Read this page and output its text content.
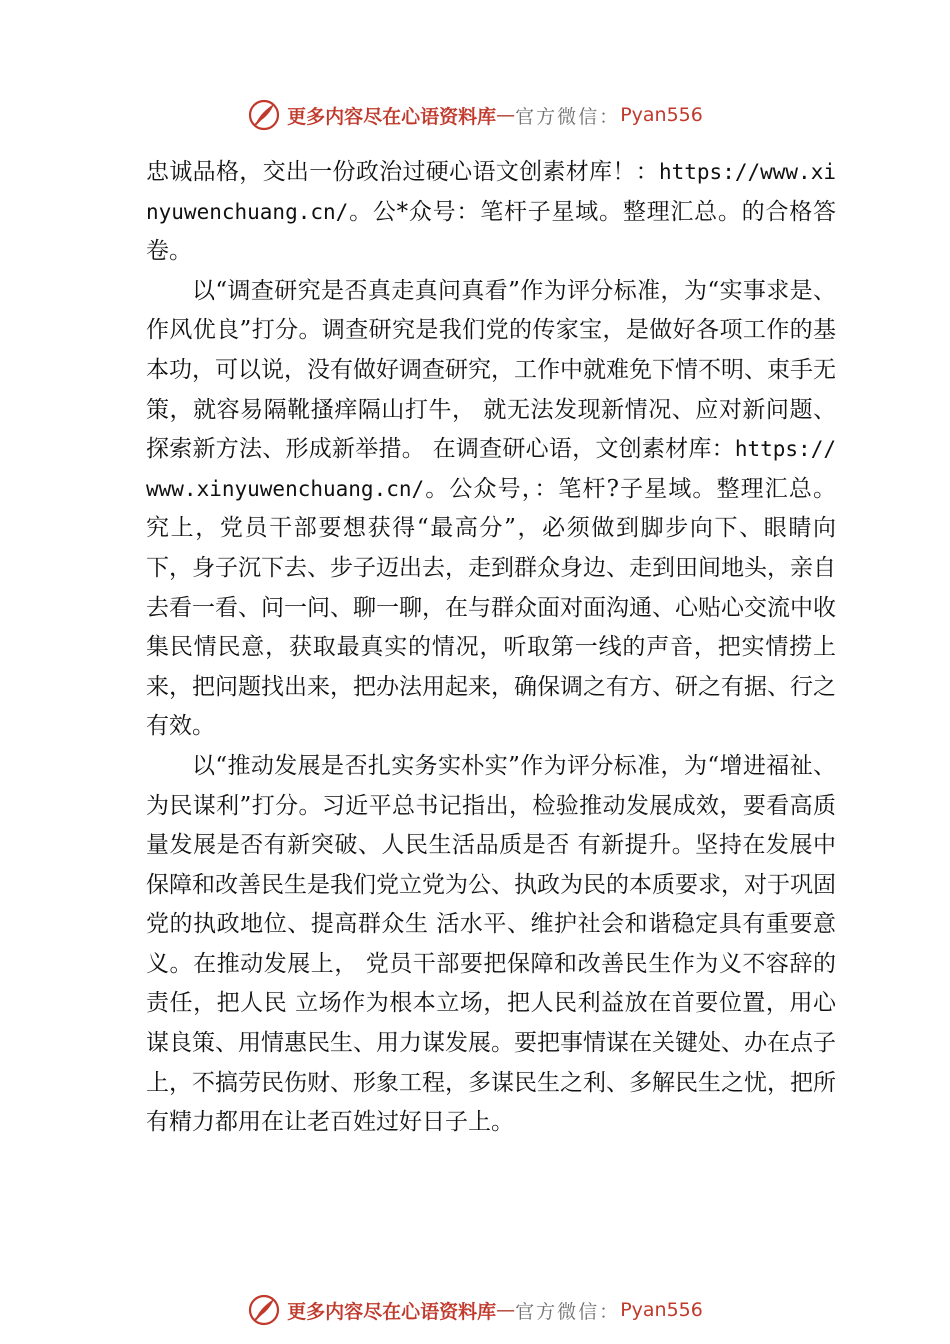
更多内容尽在心语资料库 — 官方微信： Pyan556

忠诚品格，交出一份政治过硬心语文创素材库！：https://www.xinyuwenchuang.cn/。公*众号：笔杆子星域。整理汇总。的合格答卷。

以“调查研究是否真走真问真看”作为评分标准，为“实事求是、作风优良”打分。调查研究是我们党的传家宝，是做好各项工作的基本功，可以说，没有做好调查研究，工作中就难免下情不明、束手无策，就容易隔靴搔痒隔山打牛， 就无法发现新情况、应对新问题、探索新方法、形成新举措。 在调查研心语，文创素材库：https://www.xinyuwenchuang.cn/。公众号，：笔杆?子星域。整理汇总。究上，党员干部要想获得“最高分”，必须做到脚步向下、眼睛向下，身子沉下去、步子迈出去，走到群众身边、走到田间地头，亲自去看一看、问一问、聊一聊，在与群众面对面沟通、心贴心交流中收集民情民意，获取最真实的情况，听取第一线的声音，把实情捞上来，把问题找出来，把办法用起来，确保调之有方、研之有据、行之有效。

以“推动发展是否扎实务实朴实”作为评分标准，为“增进福祉、为民谋利”打分。习近平总书记指出，检验推动发展成效，要看高质量发展是否有新突破、人民生活品质是否 有新提升。坚持在发展中保障和改善民生是我们党立党为公、执政为民的本质要求，对于巩固党的执政地位、提高群众生 活水平、维护社会和谐稳定具有重要意义。在推动发展上， 党员干部要把保障和改善民生作为义不容辞的责任，把人民 立场作为根本立场，把人民利益放在首要位置，用心谋良策、用情惠民生、用力谋发展。要把事情谋在关键处、办在点子 上，不搞劳民伤财、形象工程，多谋民生之利、多解民生之忧，把所有精力都用在让老百姓过好日子上。

更多内容尽在心语资料库 — 官方微信： Pyan556
